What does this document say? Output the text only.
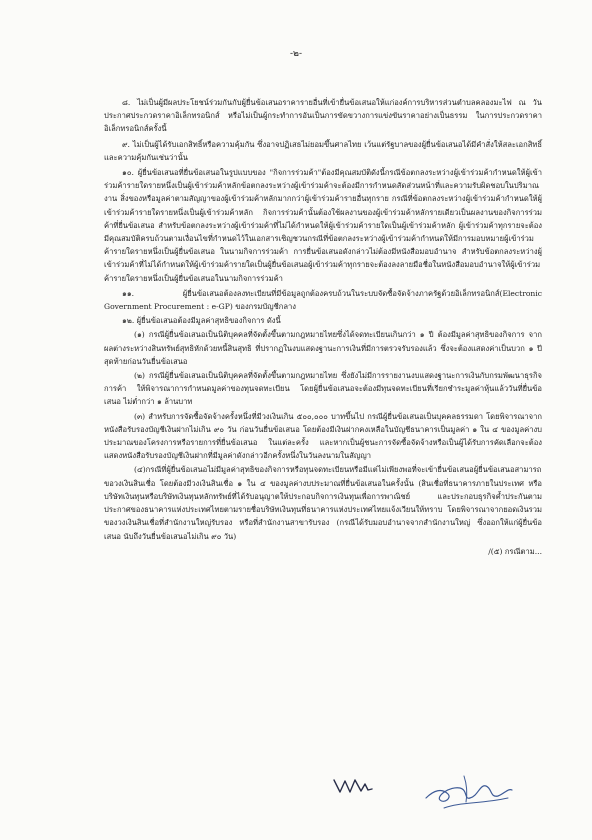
-๒-

๘. ไม่เป็นผู้มีผลประโยชน์ร่วมกันกับผู้ยื่นข้อเสนอราคารายอื่นที่เข้ายื่นข้อเสนอให้แก่องค์การบริหารส่วนตำบลคลองมะไฟ ณ วันประกาศประกวดราคาอิเล็กทรอนิกส์ หรือไม่เป็นผู้กระทำการอันเป็นการขัดขวางการแข่งขันราคาอย่างเป็นธรรม ในการประกวดราคาอิเล็กทรอนิกส์ครั้งนี้

๙. ไม่เป็นผู้ได้รับเอกสิทธิ์หรือความคุ้มกัน ซึ่งอาจปฏิเสธไม่ยอมขึ้นศาลไทย เว้นแต่รัฐบาลของผู้ยื่นข้อเสนอได้มีคำสั่งให้สละเอกสิทธิ์และความคุ้มกันเช่นว่านั้น

๑๐. ผู้ยื่นข้อเสนอที่ยื่นข้อเสนอในรูปแบบของ "กิจการร่วมค้า"ต้องมีคุณสมบัติดังนี้กรณีข้อตกลงระหว่างผู้เข้าร่วมค้ากำหนดให้ผู้เข้าร่วมค้ารายใดรายหนึ่งเป็นผู้เข้าร่วมค้าหลักข้อตกลงระหว่างผู้เข้าร่วมค้าจะต้องมีการกำหนดสัดส่วนหน้าที่และความรับผิดชอบในปริมาณงาน สิ่งของหรือมูลค่าตามสัญญาของผู้เข้าร่วมค้าหลักมากกว่าผู้เข้าร่วมค้ารายอื่นทุกราย กรณีที่ข้อตกลงระหว่างผู้เข้าร่วมค้ากำหนดให้ผู้เข้าร่วมค้ารายใดรายหนึ่งเป็นผู้เข้าร่วมค้าหลัก กิจการร่วมค้านั้นต้องใช้ผลงานของผู้เข้าร่วมค้าหลักรายเดียวเป็นผลงานของกิจการร่วมค้าที่ยื่นข้อเสนอ สำหรับข้อตกลงระหว่างผู้เข้าร่วมค้าที่ไม่ได้กำหนดให้ผู้เข้าร่วมค้ารายใดเป็นผู้เข้าร่วมค้าหลัก ผู้เข้าร่วมค้าทุกรายจะต้องมีคุณสมบัติครบถ้วนตามเงื่อนไขที่กำหนดไว้ในเอกสารเชิญชวนกรณีที่ข้อตกลงระหว่างผู้เข้าร่วมค้ากำหนดให้มีการมอบหมายผู้เข้าร่วมค้ารายใดรายหนึ่งเป็นผู้ยื่นข้อเสนอ ในนามกิจการร่วมค้า การยื่นข้อเสนอดังกล่าวไม่ต้องมีหนังสือมอบอำนาจ สำหรับข้อตกลงระหว่างผู้เข้าร่วมค้าที่ไม่ได้กำหนดให้ผู้เข้าร่วมค้ารายใดเป็นผู้ยื่นข้อเสนอผู้เข้าร่วมค้าทุกรายจะต้องลงลายมือชื่อในหนังสือมอบอำนาจให้ผู้เข้าร่วมค้ารายใดรายหนึ่งเป็นผู้ยื่นข้อเสนอในนามกิจการร่วมค้า

๑๑. ผู้ยื่นข้อเสนอต้องลงทะเบียนที่มีข้อมูลถูกต้องครบถ้วนในระบบจัดซื้อจัดจ้างภาครัฐด้วยอิเล็กทรอนิกส์(Electronic Government Procurement : e-GP) ของกรมบัญชีกลาง

๑๒. ผู้ยื่นข้อเสนอต้องมีมูลค่าสุทธิของกิจการ ดังนี้

(๑) กรณีผู้ยื่นข้อเสนอเป็นนิติบุคคลที่จัดตั้งขึ้นตามกฎหมายไทยซึ่งได้จดทะเบียนเกินกว่า ๑ ปี ต้องมีมูลค่าสุทธิของกิจการ จากผลต่างระหว่างสินทรัพย์สุทธิหักด้วยหนี้สินสุทธิ ที่ปรากฏในงบแสดงฐานะการเงินที่มีการตรวจรับรองแล้ว ซึ่งจะต้องแสดงค่าเป็นบวก ๑ ปีสุดท้ายก่อนวันยื่นข้อเสนอ

(๒) กรณีผู้ยื่นข้อเสนอเป็นนิติบุคคลที่จัดตั้งขึ้นตามกฎหมายไทย ซึ่งยังไม่มีการรายงานงบแสดงฐานะการเงินกับกรมพัฒนาธุรกิจการค้า ให้พิจารณาการกำหนดมูลค่าของทุนจดทะเบียน โดยผู้ยื่นข้อเสนอจะต้องมีทุนจดทะเบียนที่เรียกชำระมูลค่าหุ้นแล้ววันที่ยื่นข้อเสนอ ไม่ต่ำกว่า ๑ ล้านบาท

(๓) สำหรับการจัดซื้อจัดจ้างครั้งหนึ่งที่มีวงเงินเกิน ๕๐๐,๐๐๐ บาทขึ้นไป กรณีผู้ยื่นข้อเสนอเป็นบุคคลธรรมดา โดยพิจารณาจากหนังสือรับรองบัญชีเงินฝากไม่เกิน ๙๐ วัน ก่อนวันยื่นข้อเสนอ โดยต้องมีเงินฝากคงเหลือในบัญชีธนาคารเป็นมูลค่า ๑ ใน ๔ ของมูลค่างบประมาณของโครงการหรือรายการที่ยื่นข้อเสนอ ในแต่ละครั้ง และหากเป็นผู้ชนะการจัดซื้อจัดจ้างหรือเป็นผู้ได้รับการคัดเลือกจะต้องแสดงหนังสือรับรองบัญชีเงินฝากที่มีมูลค่าดังกล่าวอีกครั้งหนึ่งในวันลงนามในสัญญา

(๔)กรณีที่ผู้ยื่นข้อเสนอไม่มีมูลค่าสุทธิของกิจการหรือทุนจดทะเบียนหรือมีแต่ไม่เพียงพอที่จะเข้ายื่นข้อเสนอผู้ยื่นข้อเสนอสามารถขอวงเงินสินเชื่อ โดยต้องมีวงเงินสินเชื่อ ๑ ใน ๔ ของมูลค่างบประมาณที่ยื่นข้อเสนอในครั้งนั้น (สินเชื่อที่ธนาคารภายในประเทศ หรือบริษัทเงินทุนหรือบริษัทเงินทุนหลักทรัพย์ที่ได้รับอนุญาตให้ประกอบกิจการเงินทุนเพื่อการพาณิชย์ และประกอบธุรกิจค้ำประกันตามประกาศของธนาคารแห่งประเทศไทยตามรายชื่อบริษัทเงินทุนที่ธนาคารแห่งประเทศไทยแจ้งเวียนให้ทราบ โดยพิจารณาจากยอดเงินรวมของวงเงินสินเชื่อที่สำนักงานใหญ่รับรอง หรือที่สำนักงานสาขารับรอง (กรณีได้รับมอบอำนาจจากสำนักงานใหญ่ ซึ่งออกให้แก่ผู้ยื่นข้อเสนอ นับถึงวันยื่นข้อเสนอไม่เกิน ๙๐ วัน)

/(๕) กรณีตาม...
